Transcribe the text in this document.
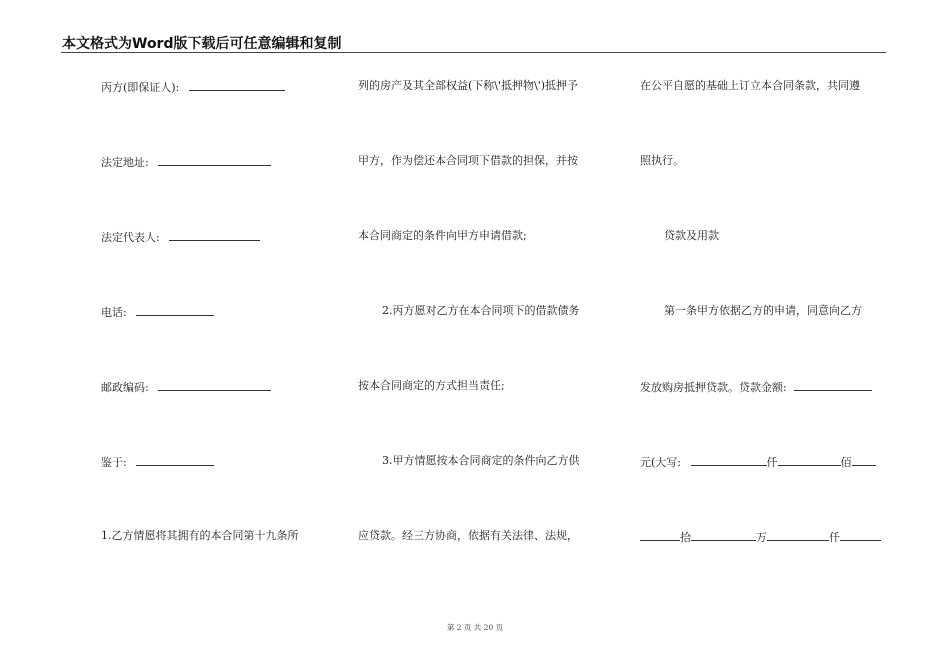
本文格式为Word版下载后可任意编辑和复制
丙方(即保证人):
法定地址:
法定代表人:
电话:
邮政编码:
鉴于:
1.乙方情愿将其拥有的本合同第十九条所
列的房产及其全部权益(下称\'抵押物\')抵押予
甲方，作为偿还本合同项下借款的担保，并按
本合同商定的条件向甲方申请借款;
2.丙方愿对乙方在本合同项下的借款债务
按本合同商定的方式担当责任;
3.甲方情愿按本合同商定的条件向乙方供
应贷款。经三方协商，依据有关法律、法规，
在公平自愿的基础上订立本合同条款，共同遵
照执行。
贷款及用款
第一条甲方依据乙方的申请，同意向乙方
发放购房抵押贷款。贷款金额:
元(大写:	仟	佰
拾	万	仟
第 2 页 共 20 页
